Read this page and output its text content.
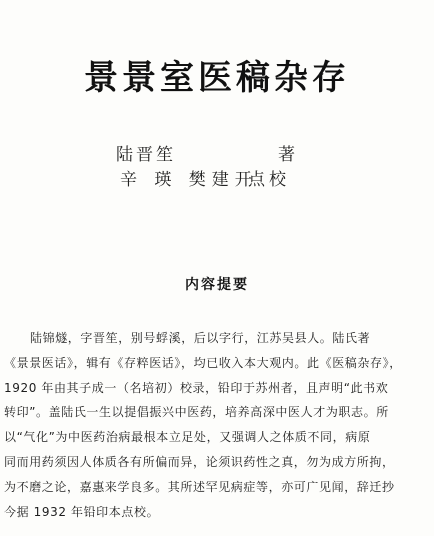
景景室医稿杂存
陆晋笙	著
辛 瑛 樊建开
点校
内容提要
陆锦燧，字晋笙，别号蜉溪，后以字行，江苏吴县人。陆氏著
《景景医话》，辑有《存粹医话》，均已收入本大观内。此《医稿杂存》，
1920 年由其子成一（名培初）校录，铅印于苏州者，且声明“此书欢
转印”。盖陆氏一生以提倡振兴中医药，培养高深中医人才为职志。所
以“气化”为中医药治病最根本立足处，又强调人之体质不同，病原
同而用药须因人体质各有所偏而异，论须识药性之真，勿为成方所拘，
为不磨之论，嘉惠来学良多。其所述罕见病症等，亦可广见闻，辞迁抄
今据 1932 年铅印本点校。
